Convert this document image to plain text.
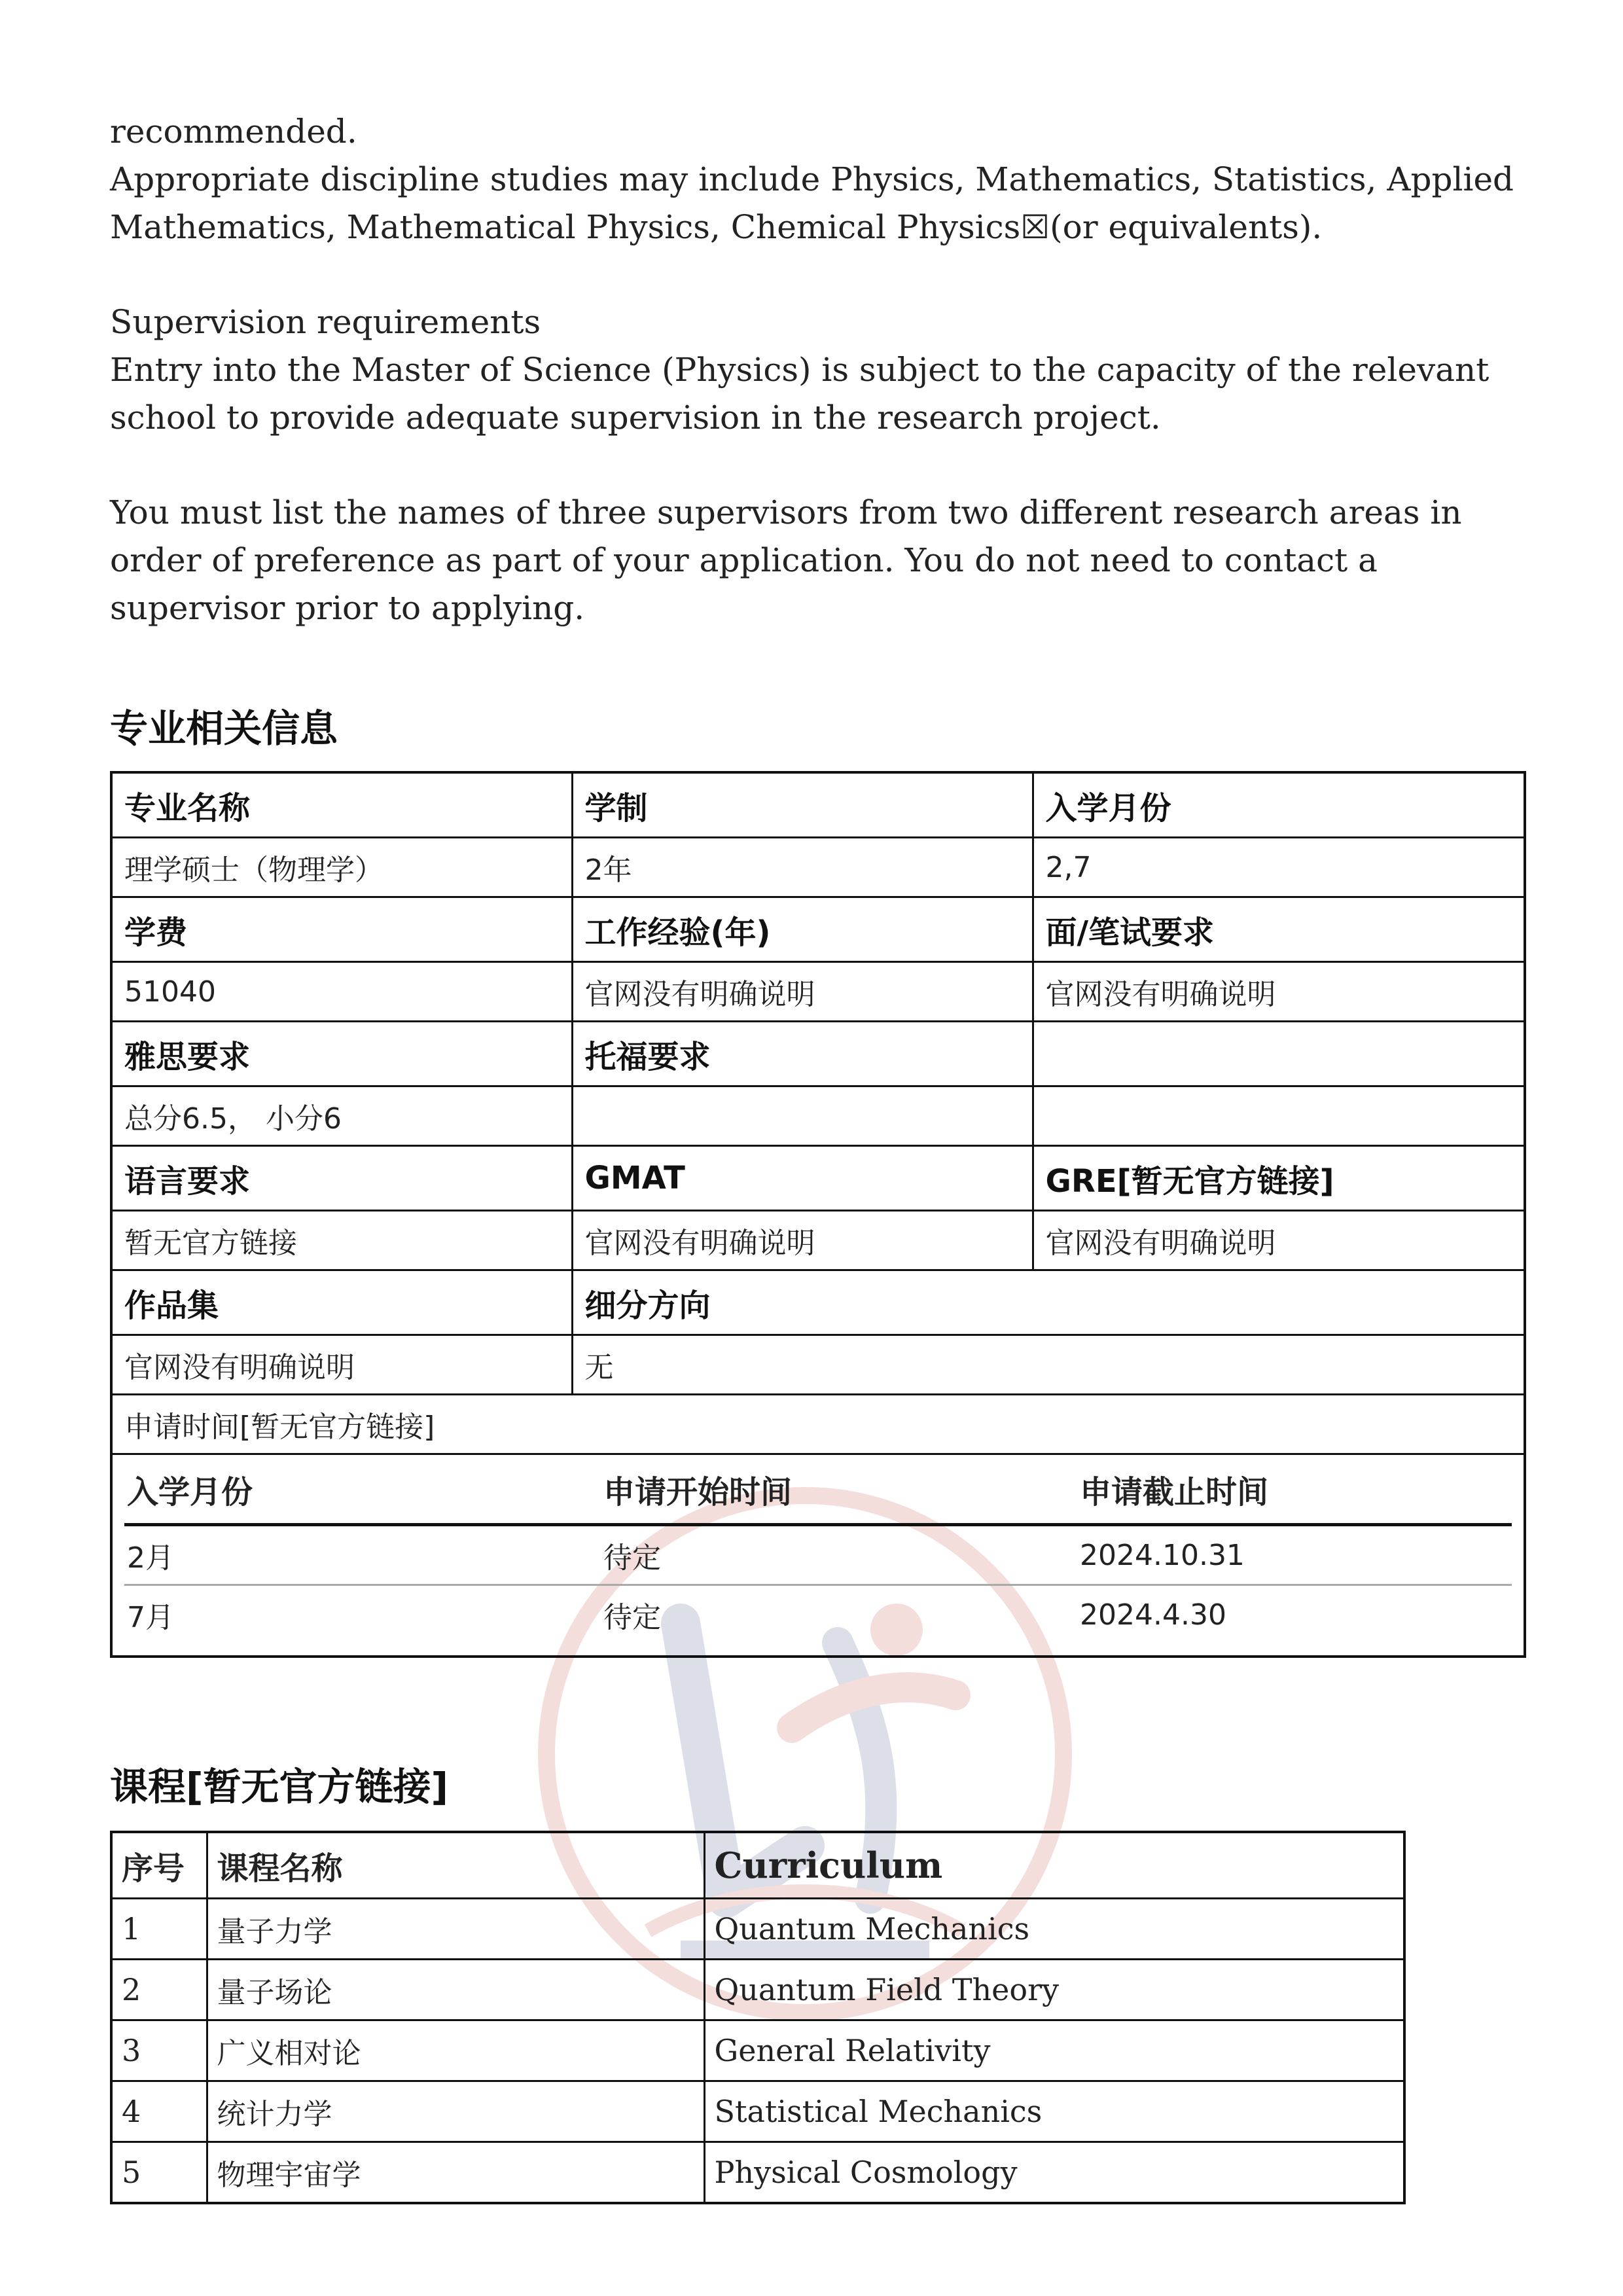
recommended.

Appropriate discipline studies may include Physics, Mathematics, Statistics, Applied Mathematics, Mathematical Physics, Chemical Physics☒(or equivalents).

Supervision requirements

Entry into the Master of Science (Physics) is subject to the capacity of the relevant school to provide adequate supervision in the research project.

You must list the names of three supervisors from two different research areas in order of preference as part of your application. You do not need to contact a supervisor prior to applying.

专业相关信息
专业名称	学制	入学月份
理学硕士（物理学）	2年	2,7
学费	工作经验(年)	面/笔试要求
51040	官网没有明确说明	官网没有明确说明
雅思要求	托福要求	
总分6.5， 小分6		
语言要求	GMAT	GRE[暂无官方链接]
暂无官方链接	官网没有明确说明	官网没有明确说明
作品集	细分方向
官网没有明确说明	无
申请时间[暂无官方链接]

入学月份	申请开始时间	申请截止时间
2月	待定	2024.10.31
7月	待定	2024.4.30
课程[暂无官方链接]
序号	课程名称	Curriculum
1	量子力学	Quantum Mechanics
2	量子场论	Quantum Field Theory
3	广义相对论	General Relativity
4	统计力学	Statistical Mechanics
5	物理宇宙学	Physical Cosmology
